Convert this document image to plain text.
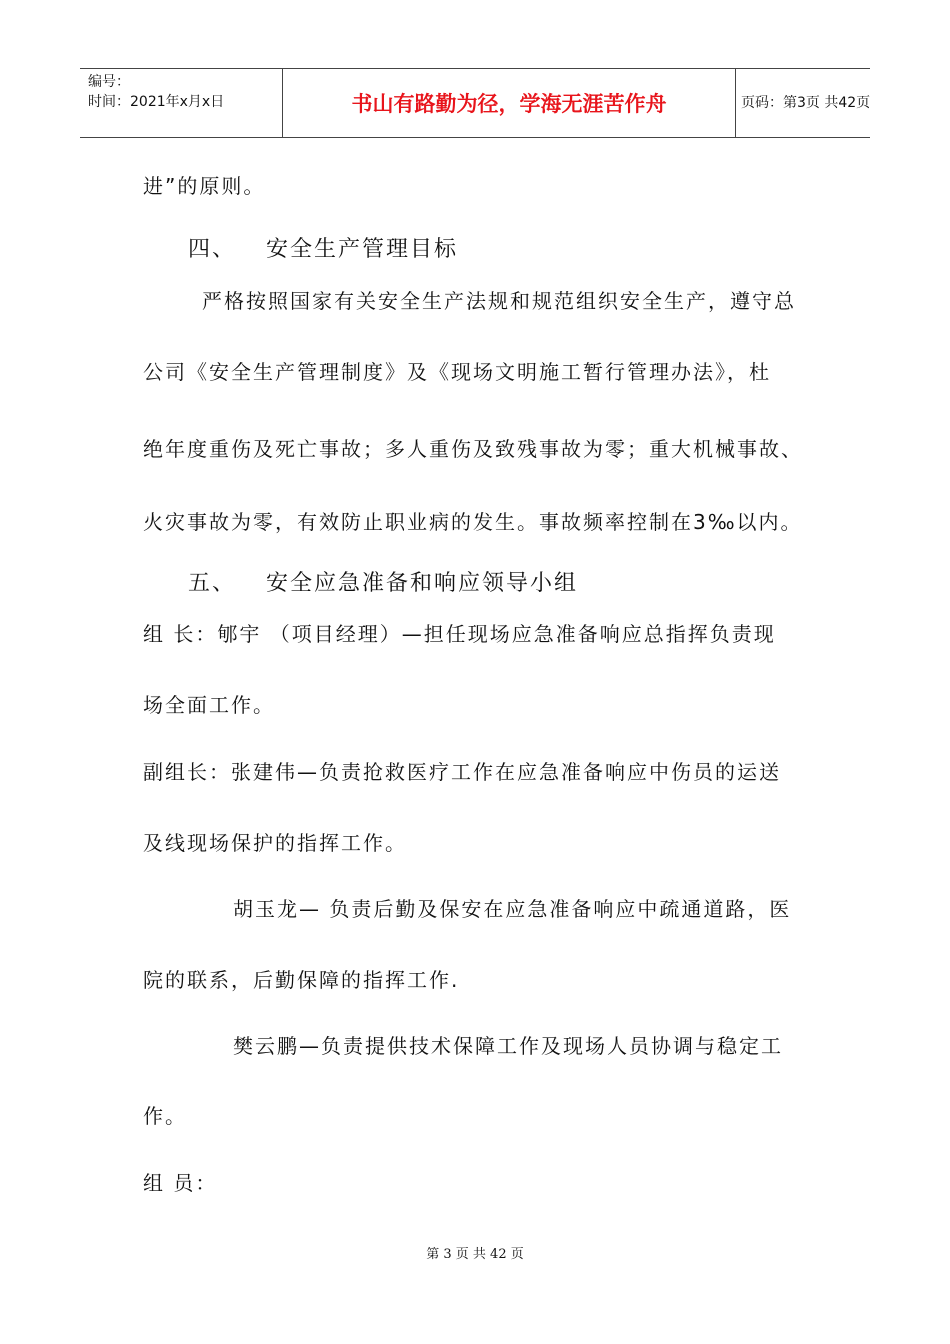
编号：
时间：2021年x月x日	书山有路勤为径，学海无涯苦作舟	页码：第3页 共42页
进”的原则。
四、 安全生产管理目标
严格按照国家有关安全生产法规和规范组织安全生产，遵守总
公司《安全生产管理制度》及《现场文明施工暂行管理办法》，杜
绝年度重伤及死亡事故；多人重伤及致残事故为零；重大机械事故、
火灾事故为零，有效防止职业病的发生。事故频率控制在3‰以内。
五、 安全应急准备和响应领导小组
组 长：郇宇 （项目经理）—担任现场应急准备响应总指挥负责现
场全面工作。
副组长：张建伟—负责抢救医疗工作在应急准备响应中伤员的运送
及线现场保护的指挥工作。
胡玉龙— 负责后勤及保安在应急准备响应中疏通道路，医
院的联系，后勤保障的指挥工作.
樊云鹏—负责提供技术保障工作及现场人员协调与稳定工
作。
组 员：
第 3 页 共 42 页
